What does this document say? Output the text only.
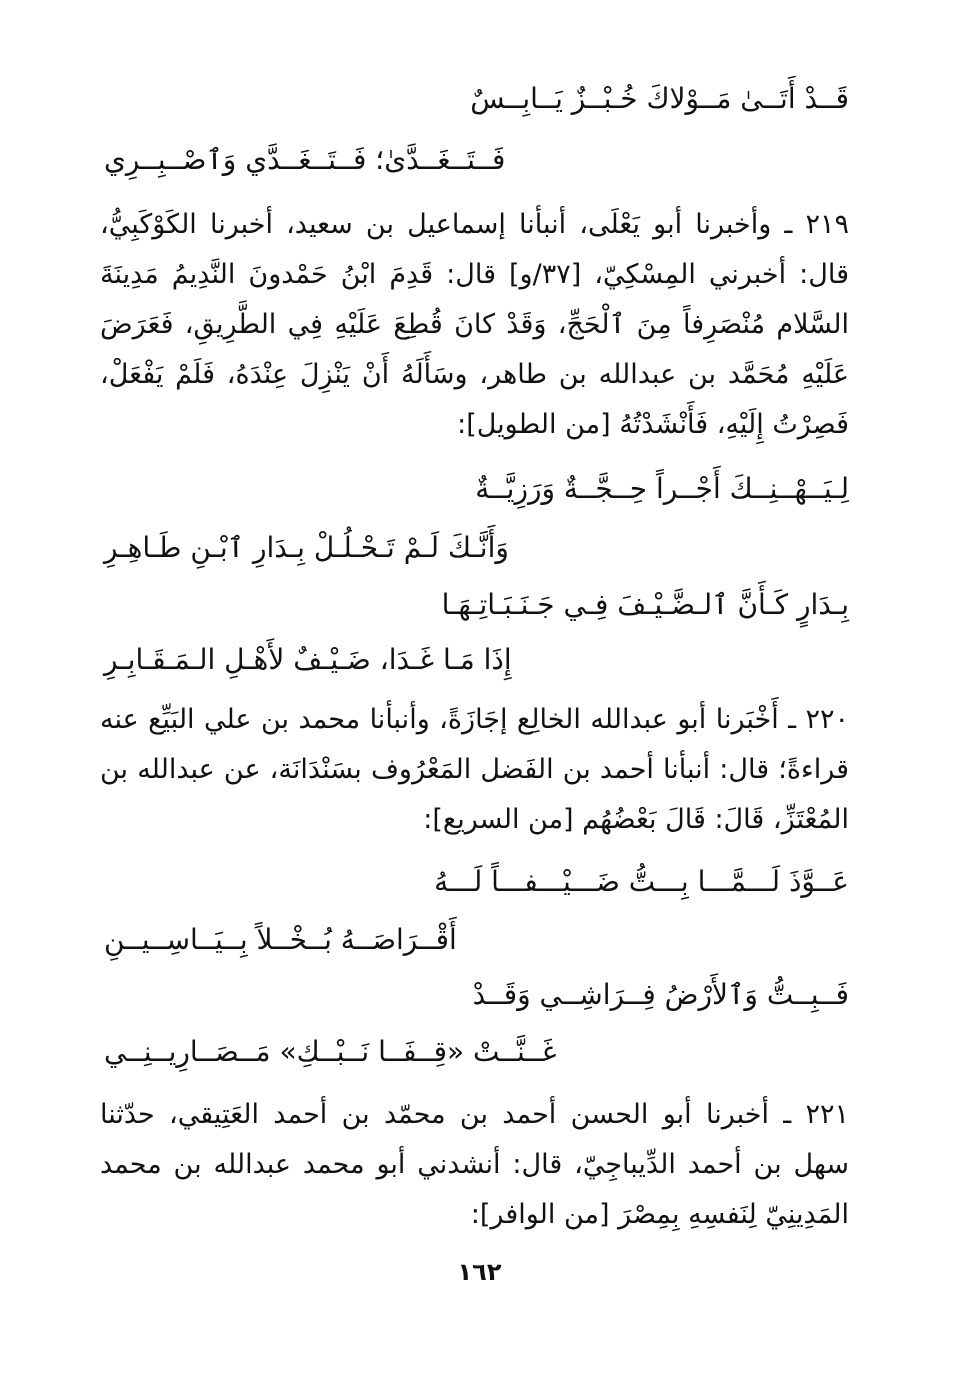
قَــدْ أَتَــىٰ مَــوْلاكَ خُـبْــزٌ يَــابِــسٌ
فَــتَــغَــدَّىٰ؛ فَــتَــغَــدَّي وَٱصْــبِــرِي
٢١٩ ـ وأخبرنا أبو يَعْلَى، أنبأنا إسماعيل بن سعيد، أخبرنا الكَوْكَبِيُّ، قال: أخبرني المِسْكِيّ، [٣٧/و] قال: قَدِمَ ابْنُ حَمْدونَ النَّدِيمُ مَدِينَةَ السَّلام مُنْصَرِفاً مِنَ ٱلْحَجِّ، وَقَدْ كانَ قُطِعَ عَلَيْهِ فِي الطَّرِيقِ، فَعَرَضَ عَلَيْهِ مُحَمَّد بن عبدالله بن طاهر، وسَأَلَهُ أَنْ يَنْزِلَ عِنْدَهُ، فَلَمْ يَفْعَلْ، فَصِرْتُ إِلَيْهِ، فَأَنْشَدْتُهُ [من الطويل]:
لِـيَــهْــنِــكَ أَجْــراً حِــجَّــةٌ وَرَزِيَّــةٌ
وَأَنَّـكَ لَـمْ تَـحْـلُـلْ بِـدَارِ ٱبْـنِ طَـاهِـرِ
بِـدَارٍ كَـأَنَّ ٱلـضَّـيْـفَ فِـي جَـنَـبَـاتِـهَـا
إِذَا مَـا غَـدَا، ضَـيْـفٌ لأَهْـلِ الـمَـقَـابِـرِ
٢٢٠ ـ أَخْبَرنا أبو عبدالله الخالِع إجَازَةً، وأنبأنا محمد بن علي البَيِّع عنه قراءةً؛ قال: أنبأنا أحمد بن الفَضل المَعْرُوف بسَنْدَانَة، عن عبدالله بن المُعْتَزِّ، قَالَ: قَالَ بَعْضُهُم [من السريع]:
عَــوَّذَ لَـــمَّـــا بِـــتُّ ضَـــيْـــفـــاً لَـــهُ
أَقْــرَاصَــهُ بُــخْــلاً بِــيَــاسِــيــنِ
فَــبِــتُّ وَٱلأَرْضُ فِــرَاشِــي وَقَــدْ
غَــنَّــتْ «قِــفَــا نَــبْــكِ» مَــصَــارِيــنِــي
٢٢١ ـ أخبرنا أبو الحسن أحمد بن محمّد بن أحمد العَتِيقي، حدّثنا سهل بن أحمد الدِّيباجِيّ، قال: أنشدني أبو محمد عبدالله بن محمد المَدِينِيّ لِنَفسِهِ بِمِصْرَ [من الوافر]:
١٦٢
